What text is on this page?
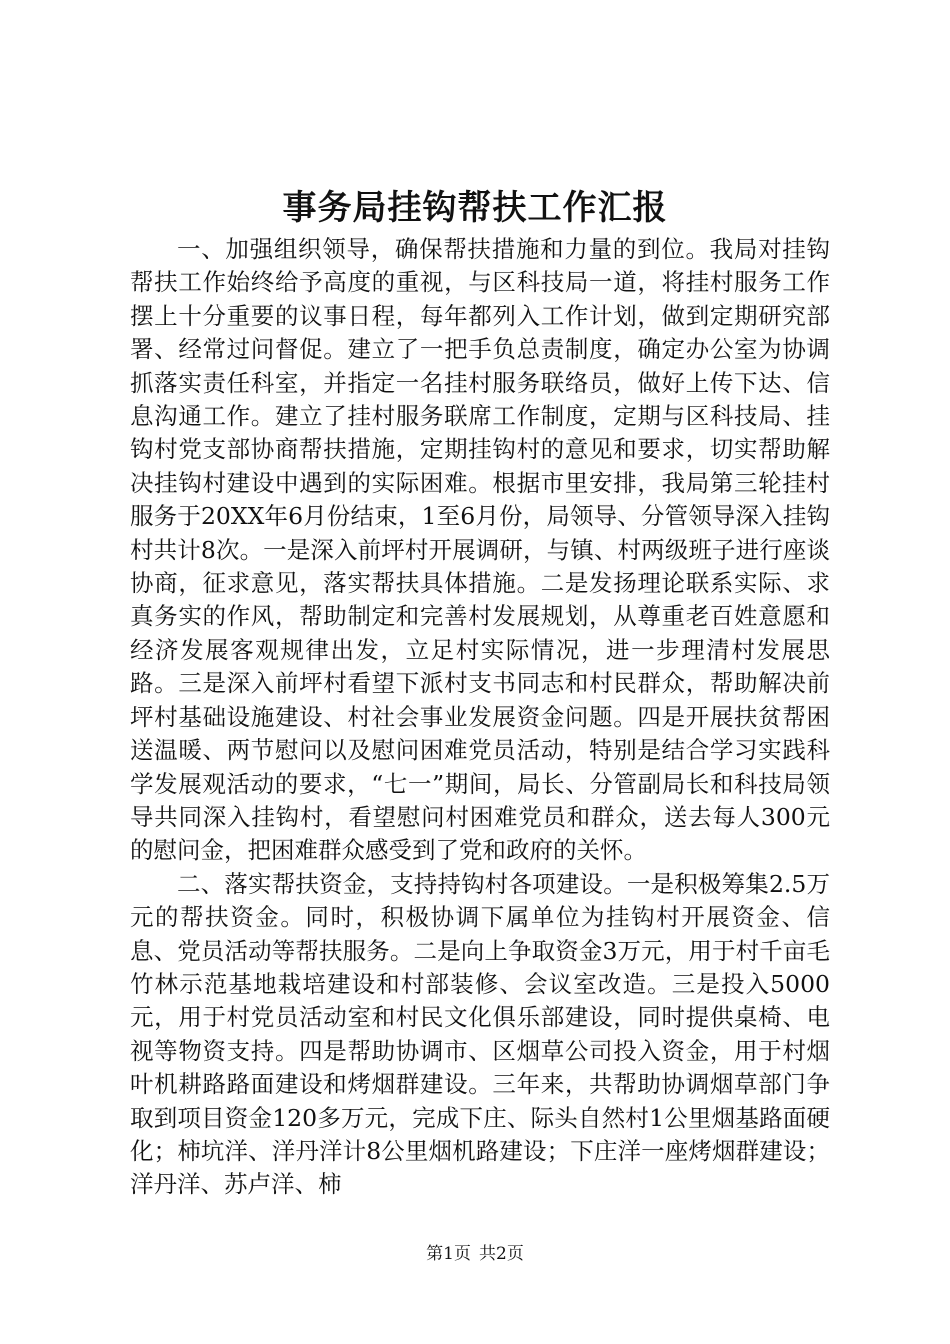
事务局挂钩帮扶工作汇报

一、加强组织领导，确保帮扶措施和力量的到位。我局对挂钩帮扶工作始终给予高度的重视，与区科技局一道，将挂村服务工作摆上十分重要的议事日程，每年都列入工作计划，做到定期研究部署、经常过问督促。建立了一把手负总责制度，确定办公室为协调抓落实责任科室，并指定一名挂村服务联络员，做好上传下达、信息沟通工作。建立了挂村服务联席工作制度，定期与区科技局、挂钩村党支部协商帮扶措施，定期挂钩村的意见和要求，切实帮助解决挂钩村建设中遇到的实际困难。根据市里安排，我局第三轮挂村服务于20XX年6月份结束，1至6月份，局领导、分管领导深入挂钩村共计8次。一是深入前坪村开展调研，与镇、村两级班子进行座谈协商，征求意见，落实帮扶具体措施。二是发扬理论联系实际、求真务实的作风，帮助制定和完善村发展规划，从尊重老百姓意愿和经济发展客观规律出发，立足村实际情况，进一步理清村发展思路。三是深入前坪村看望下派村支书同志和村民群众，帮助解决前坪村基础设施建设、村社会事业发展资金问题。四是开展扶贫帮困送温暖、两节慰问以及慰问困难党员活动，特别是结合学习实践科学发展观活动的要求，“七一”期间，局长、分管副局长和科技局领导共同深入挂钩村，看望慰问村困难党员和群众，送去每人300元的慰问金，把困难群众感受到了党和政府的关怀。

二、落实帮扶资金，支持持钩村各项建设。一是积极筹集2.5万元的帮扶资金。同时，积极协调下属单位为挂钩村开展资金、信息、党员活动等帮扶服务。二是向上争取资金3万元，用于村千亩毛竹林示范基地栽培建设和村部装修、会议室改造。三是投入5000元，用于村党员活动室和村民文化俱乐部建设，同时提供桌椅、电视等物资支持。四是帮助协调市、区烟草公司投入资金，用于村烟叶机耕路路面建设和烤烟群建设。三年来，共帮助协调烟草部门争取到项目资金120多万元，完成下庄、际头自然村1公里烟基路面硬化；柿坑洋、洋丹洋计8公里烟机路建设；下庄洋一座烤烟群建设；洋丹洋、苏卢洋、柿

第1页 共2页
